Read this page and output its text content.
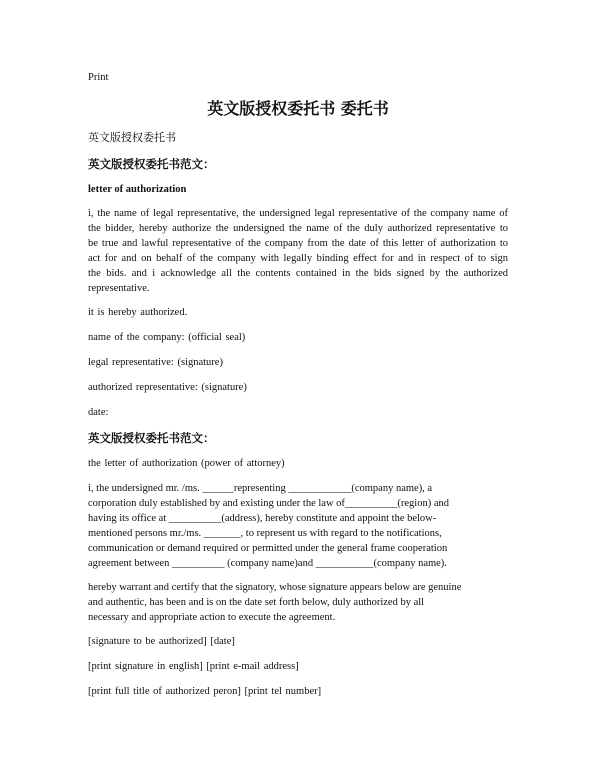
Print
英文版授权委托书 委托书
英文版授权委托书
英文版授权委托书范文：
letter of authorization
i, the name of legal representative, the undersigned legal representative of the company name of the bidder, hereby authorize the undersigned the name of the duly authorized representative to be true and lawful representative of the company from the date of this letter of authorization to act for and on behalf of the company with legally binding effect for and in respect of to sign the bids. and i acknowledge all the contents contained in the bids signed by the authorized representative.
it is hereby authorized.
name of the company: (official seal)
legal representative: (signature)
authorized representative: (signature)
date:
英文版授权委托书范文：
the letter of authorization (power of attorney)
i, the undersigned mr. /ms. ______representing ____________(company name), a
corporation duly established by and existing under the law of__________(region) and
having its office at __________(address), hereby constitute and appoint the below-
mentioned persons mr./ms. _______, to represent us with regard to the notifications,
communication or demand required or permitted under the general frame cooperation
agreement between __________ (company name)and ___________(company name).
hereby warrant and certify that the signatory, whose signature appears below are genuine
and authentic, has been and is on the date set forth below, duly authorized by all
necessary and appropriate action to execute the agreement.
[signature to be authorized] [date]
[print signature in english] [print e-mail address]
[print full title of authorized peron] [print tel number]
